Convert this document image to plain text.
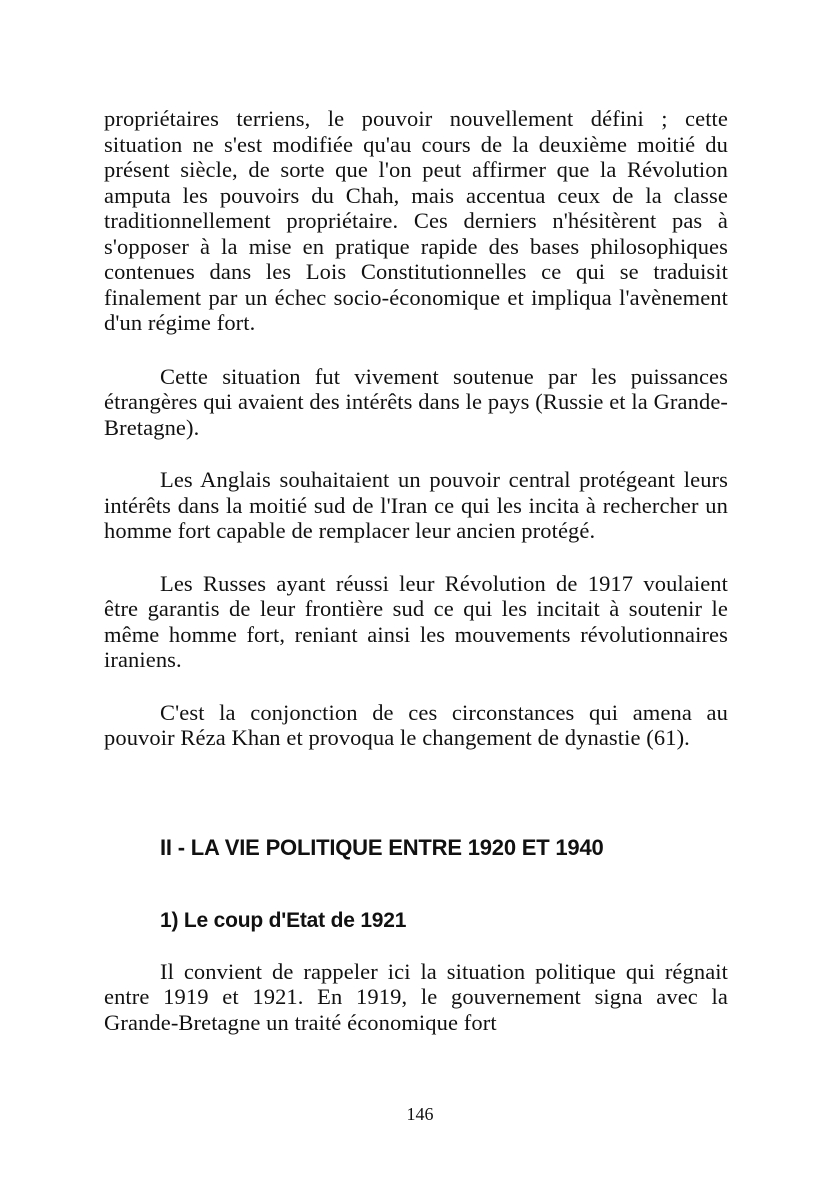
propriétaires terriens, le pouvoir nouvellement défini ; cette situation ne s'est modifiée qu'au cours de la deuxième moitié du présent siècle, de sorte que l'on peut affirmer que la Révolution amputa les pouvoirs du Chah, mais accentua ceux de la classe traditionnellement propriétaire. Ces derniers n'hésitèrent pas à s'opposer à la mise en pratique rapide des bases philosophiques contenues dans les Lois Constitutionnelles ce qui se traduisit finalement par un échec socio-économique et impliqua l'avènement d'un régime fort.

Cette situation fut vivement soutenue par les puissances étrangères qui avaient des intérêts dans le pays (Russie et la Grande-Bretagne).

Les Anglais souhaitaient un pouvoir central protégeant leurs intérêts dans la moitié sud de l'Iran ce qui les incita à rechercher un homme fort capable de remplacer leur ancien protégé.

Les Russes ayant réussi leur Révolution de 1917 voulaient être garantis de leur frontière sud ce qui les incitait à soutenir le même homme fort, reniant ainsi les mouvements révolutionnaires iraniens.

C'est la conjonction de ces circonstances qui amena au pouvoir Réza Khan et provoqua le changement de dynastie (61).

II - LA VIE POLITIQUE ENTRE 1920 ET 1940
1) Le coup d'Etat de 1921

Il convient de rappeler ici la situation politique qui régnait entre 1919 et 1921. En 1919, le gouvernement signa avec la Grande-Bretagne un traité économique fort

146
